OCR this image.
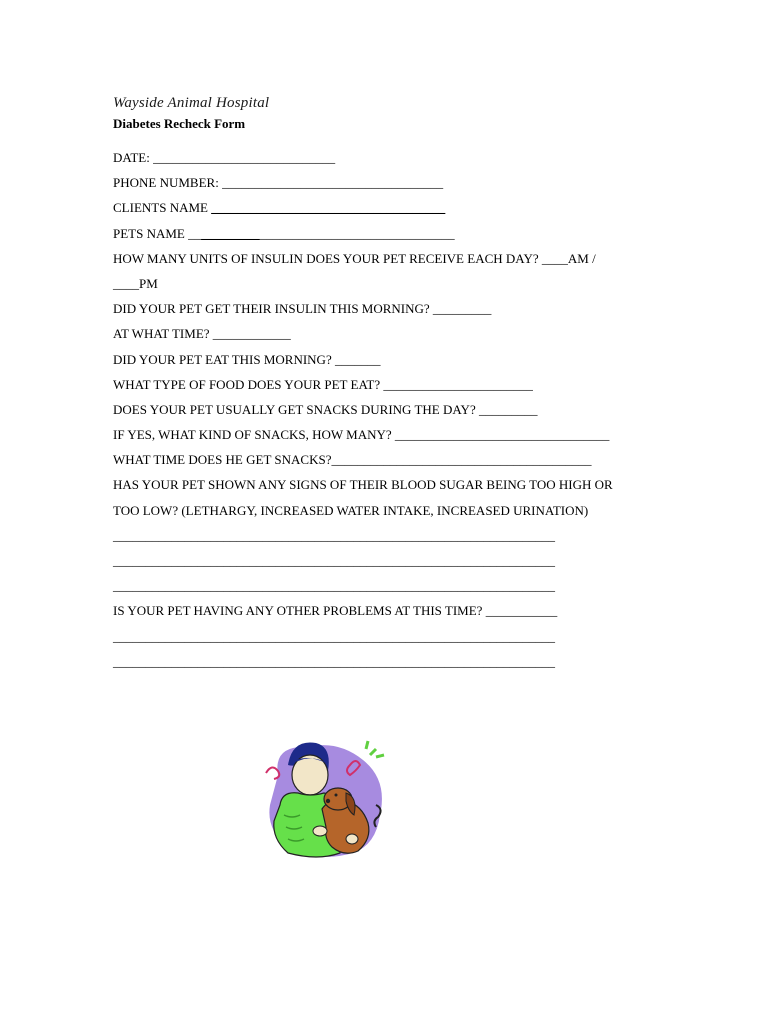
Wayside Animal Hospital
Diabetes Recheck Form
DATE: ____________________________
PHONE NUMBER: __________________________________
CLIENTS NAME ____________________________________
PETS NAME _________________________________________
HOW MANY UNITS OF INSULIN DOES YOUR PET RECEIVE EACH DAY? ____AM /
____PM
DID YOUR PET GET THEIR INSULIN THIS MORNING? _________
AT WHAT TIME? ____________
DID YOUR PET EAT THIS MORNING? _______
WHAT TYPE OF FOOD DOES YOUR PET EAT? _______________________
DOES YOUR PET USUALLY GET SNACKS DURING THE DAY? _________
IF YES, WHAT KIND OF SNACKS, HOW MANY? _________________________________
WHAT TIME DOES HE GET SNACKS?________________________________________
HAS YOUR PET SHOWN ANY SIGNS OF THEIR BLOOD SUGAR BEING TOO HIGH OR
TOO LOW? (LETHARGY, INCREASED WATER INTAKE, INCREASED URINATION)
____________________________________________________________________
____________________________________________________________________
____________________________________________________________________
IS YOUR PET HAVING ANY OTHER PROBLEMS AT THIS TIME? ___________
____________________________________________________________________
____________________________________________________________________
